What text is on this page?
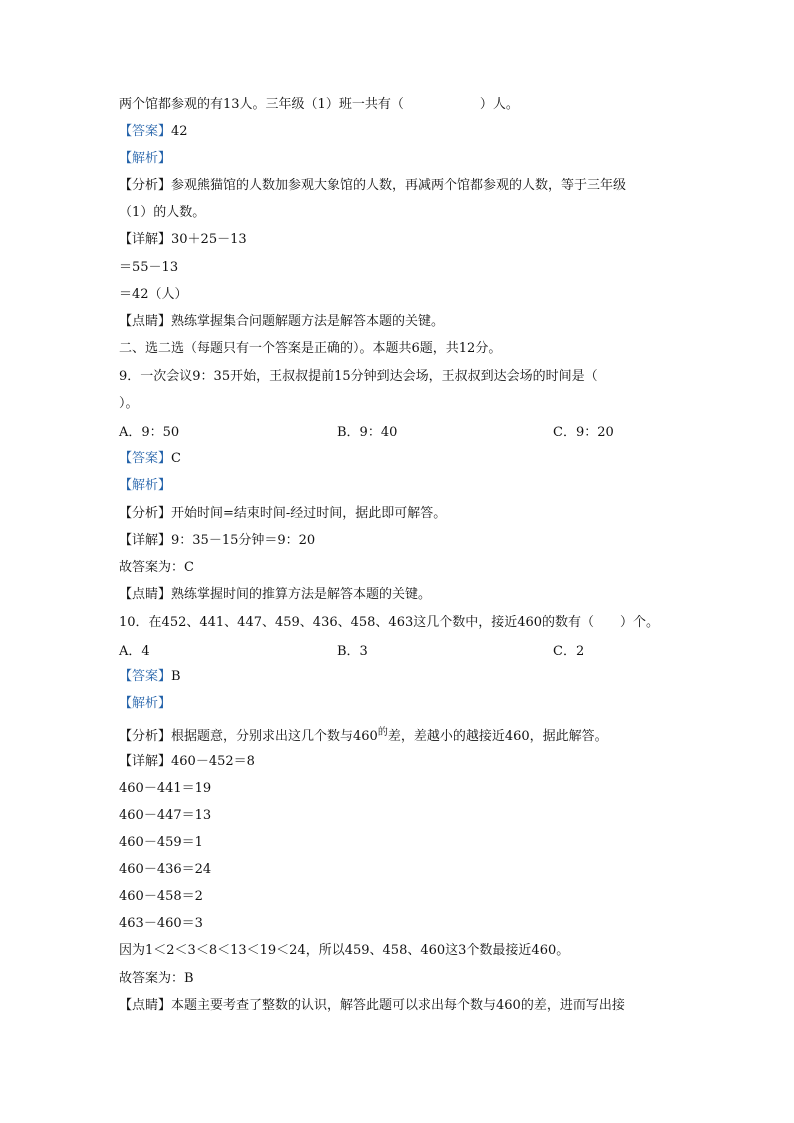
两个馆都参观的有13人。三年级（1）班一共有（	）人。
【答案】42
【解析】
【分析】参观熊猫馆的人数加参观大象馆的人数，再减两个馆都参观的人数，等于三年级
（1）的人数。
【详解】30＋25－13
＝55－13
＝42（人）
【点睛】熟练掌握集合问题解题方法是解答本题的关键。
二、选二选（每题只有一个答案是正确的）。本题共6题，共12分。
9．一次会议9：35开始，王叔叔提前15分钟到达会场，王叔叔到达会场的时间是（
）。
A．9：50	B．9：40	C．9：20
【答案】C
【解析】
【分析】开始时间=结束时间-经过时间，据此即可解答。
【详解】9：35－15分钟＝9：20
故答案为：C
【点睛】熟练掌握时间的推算方法是解答本题的关键。
10．在452、441、447、459、436、458、463这几个数中，接近460的数有（　　）个。
A．4	B．3	C．2
【答案】B
【解析】
【分析】根据题意，分别求出这几个数与$460^的$差，差越小的越接近460，据此解答。
【详解】460－452＝8
460－441＝19
460－447＝13
460－459＝1
460－436＝24
460－458＝2
463－460＝3
因为1＜2＜3＜8＜13＜19＜24，所以459、458、460这3个数最接近460。
故答案为：B
【点睛】本题主要考查了整数的认识，解答此题可以求出每个数与460的差，进而写出接
